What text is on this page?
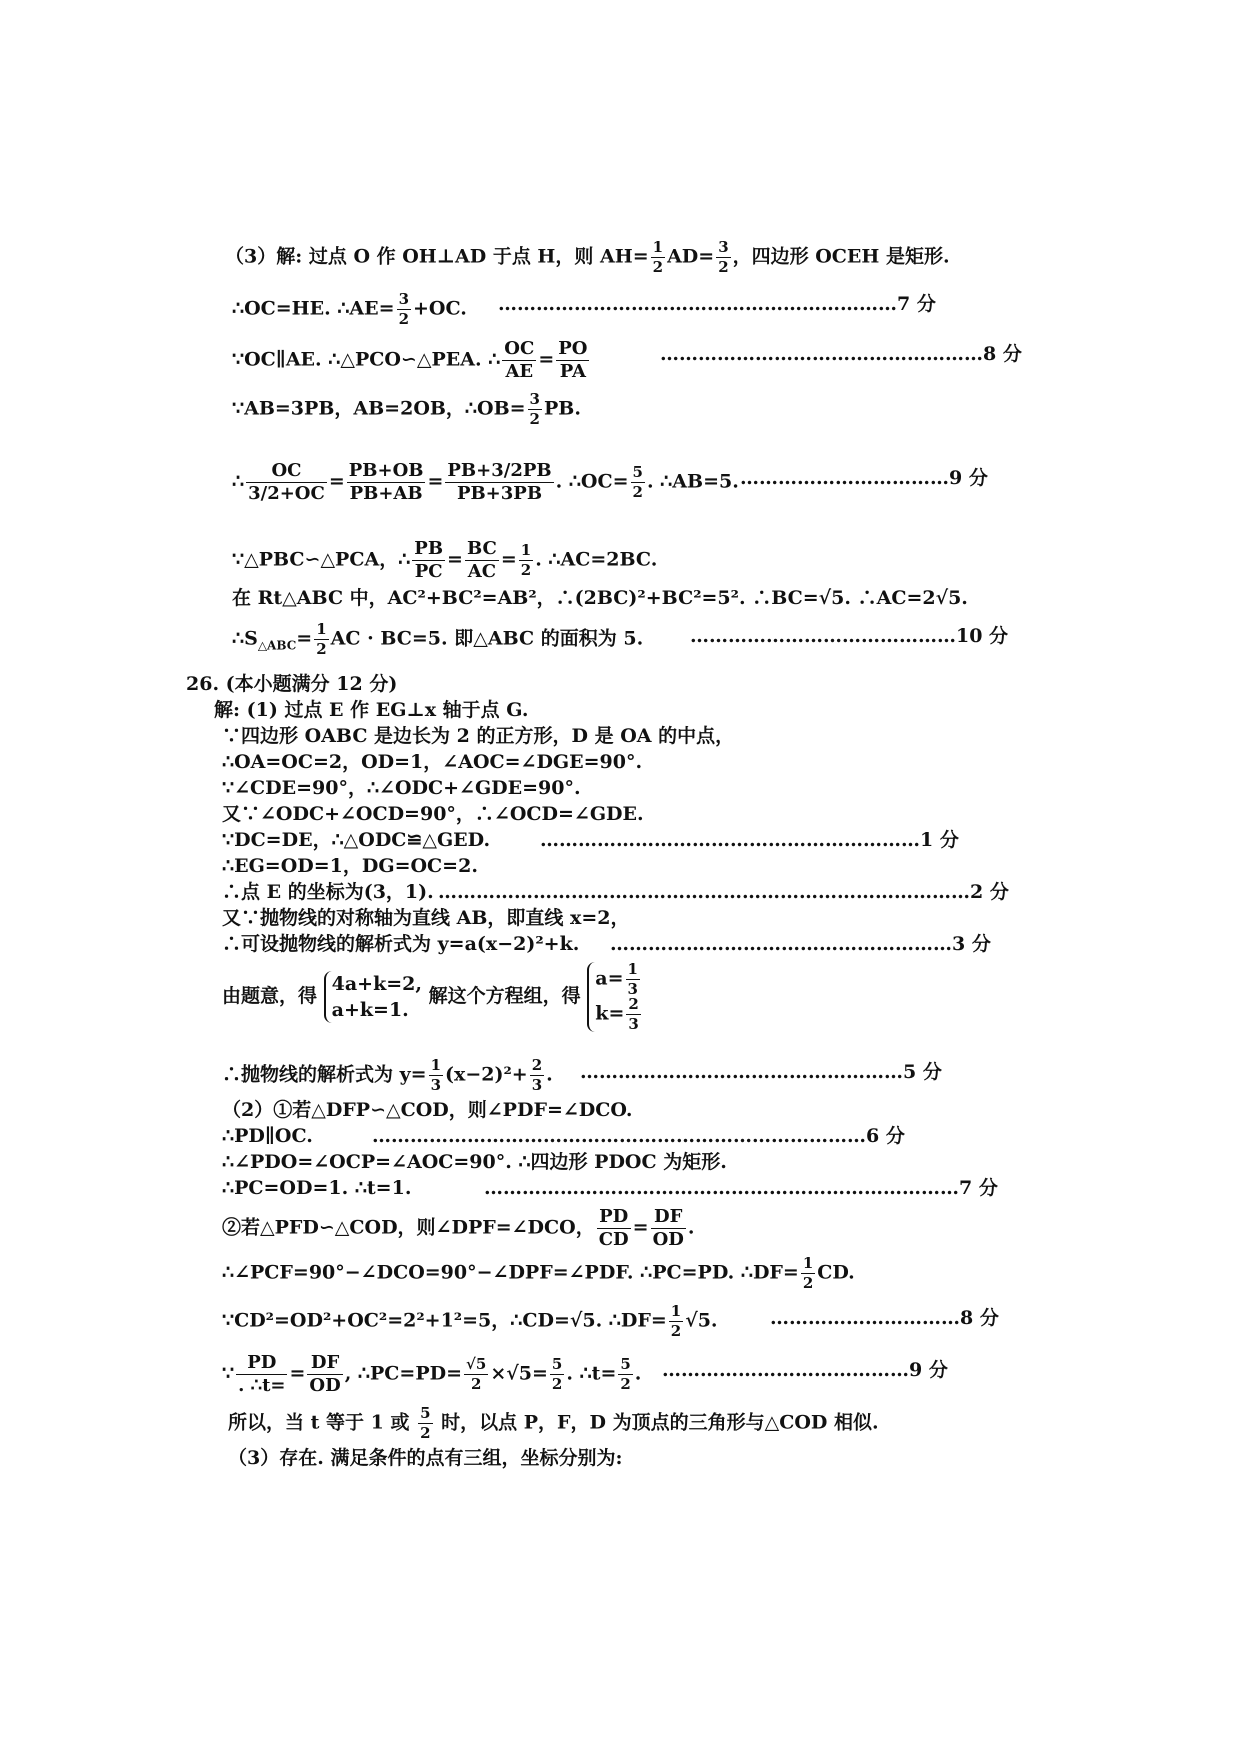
（3）解: 过点 O 作 OH⊥AD 于点 H，则 $AH= \frac{1}{2} AD= \frac{3}{2}$ ，四边形 OCEH 是矩形.
∴OC=HE. ∴AE= $\frac{3}{2} +OC$. ………………………………………………………7 分
∵OC∥AE. ∴△PCO∽△PEA. ∴ $\frac{OC}{AE} = \frac{PO}{PA}$	……………………………………………8 分
∵AB=3PB，AB=2OB，∴OB= $\frac{3}{2}$ PB.
∴ $\frac{OC}{3/2+OC} = \frac{PB+OB}{PB+AB} = \frac{PB+3/2PB}{PB+3PB}$ . ∴OC= $\frac{5}{2}$ . ∴AB=5. ……………………………9 分
∵△PBC∽△PCA，∴ $\frac{PB}{PC} = \frac{BC}{AC} = \frac{1}{2}$ . ∴AC=2BC.
在 Rt△ABC 中，AC²+BC²=AB²，∴(2BC)²+BC²=5². ∴BC=√5. ∴AC=2√5.
$\therefore S_{\triangle ABC}= \frac{1}{2}$ AC · BC=5. 即△ABC 的面积为 5. ……………………………………10 分
26. (本小题满分 12 分)
解: (1) 过点 E 作 EG⊥x 轴于点 G.
∵四边形 OABC 是边长为 2 的正方形，D 是 OA 的中点，
∴OA=OC=2，OD=1，∠AOC=∠DGE=90°.
∵∠CDE=90°，∴∠ODC+∠GDE=90°.
又∵∠ODC+∠OCD=90°，∴∠OCD=∠GDE.
∵DC=DE，∴△ODC≌△GED.	……………………………………………………1 分
∴EG=OD=1，DG=OC=2.
∴点 E 的坐标为(3，1). …………………………………………………………………………2 分
又∵抛物线的对称轴为直线 AB，即直线 x=2，
∴可设抛物线的解析式为 y=a(x−2)²+k. ………………………………………………3 分
由题意，得
4a+k=2,
a+k=1.
解这个方程组，得
$a= \frac{1}{3}$
$k= \frac{2}{3}$
∴抛物线的解析式为 $y= \frac{1}{3} (x-2)^2+ \frac{2}{3}$ . ……………………………………………5 分
（2）①若△DFP∽△COD，则∠PDF=∠DCO.
∴PD∥OC.	……………………………………………………………………6 分
∴∠PDO=∠OCP=∠AOC=90°. ∴四边形 PDOC 为矩形.
∴PC=OD=1. ∴t=1.	…………………………………………………………………7 分
②若△PFD∽△COD，则∠DPF=∠DCO， $\frac{PD}{CD} = \frac{DF}{OD}$ .
∴∠PCF=90°−∠DCO=90°−∠DPF=∠PDF. ∴PC=PD. ∴DF= $\frac{1}{2}$ CD.
∵CD²=OD²+OC²=2²+1²=5，∴CD=√5. ∴DF= $\frac{1}{2} √5$.	…………………………8 分
∵ $\frac{PD}{. \therefore t=} = \frac{DF}{OD}$ , ∴PC=PD= $\frac{√5}{2} \times√5= \frac{5}{2}$ . ∴t= $\frac{5}{2}$ . …………………………………9 分
所以，当 t 等于 1 或 $\frac{5}{2}$ 时，以点 P，F，D 为顶点的三角形与△COD 相似.
（3）存在. 满足条件的点有三组，坐标分别为:
